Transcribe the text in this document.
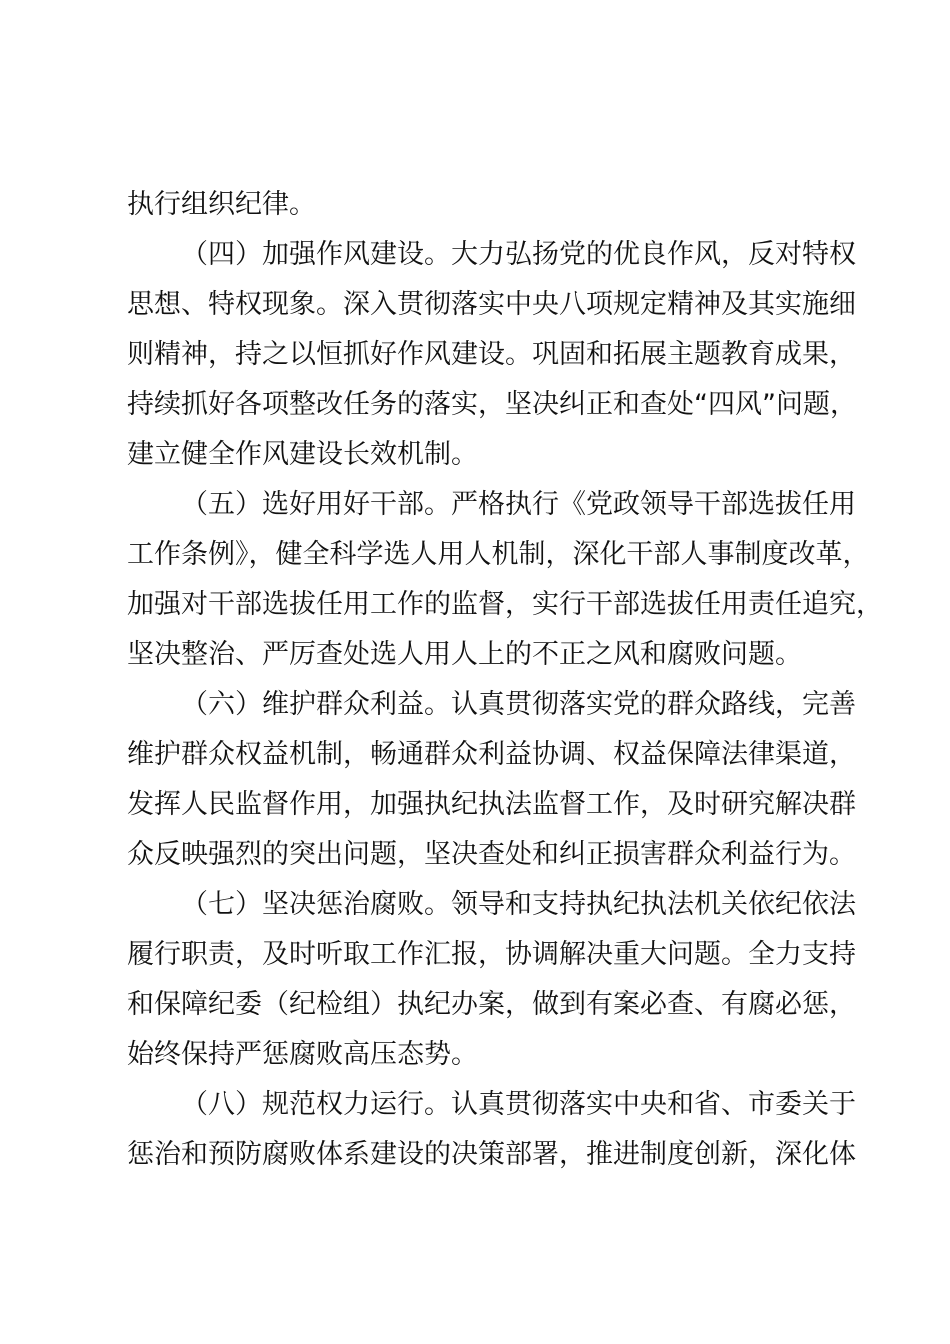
执行组织纪律。
（四）加强作风建设。大力弘扬党的优良作风，反对特权
思想、特权现象。深入贯彻落实中央八项规定精神及其实施细
则精神，持之以恒抓好作风建设。巩固和拓展主题教育成果，
持续抓好各项整改任务的落实，坚决纠正和查处“四风”问题，
建立健全作风建设长效机制。
（五）选好用好干部。严格执行《党政领导干部选拔任用
工作条例》，健全科学选人用人机制，深化干部人事制度改革，
加强对干部选拔任用工作的监督，实行干部选拔任用责任追究，
坚决整治、严厉查处选人用人上的不正之风和腐败问题。
（六）维护群众利益。认真贯彻落实党的群众路线，完善
维护群众权益机制，畅通群众利益协调、权益保障法律渠道，
发挥人民监督作用，加强执纪执法监督工作，及时研究解决群
众反映强烈的突出问题，坚决查处和纠正损害群众利益行为。
（七）坚决惩治腐败。领导和支持执纪执法机关依纪依法
履行职责，及时听取工作汇报，协调解决重大问题。全力支持
和保障纪委（纪检组）执纪办案，做到有案必查、有腐必惩，
始终保持严惩腐败高压态势。
（八）规范权力运行。认真贯彻落实中央和省、市委关于
惩治和预防腐败体系建设的决策部署，推进制度创新，深化体
